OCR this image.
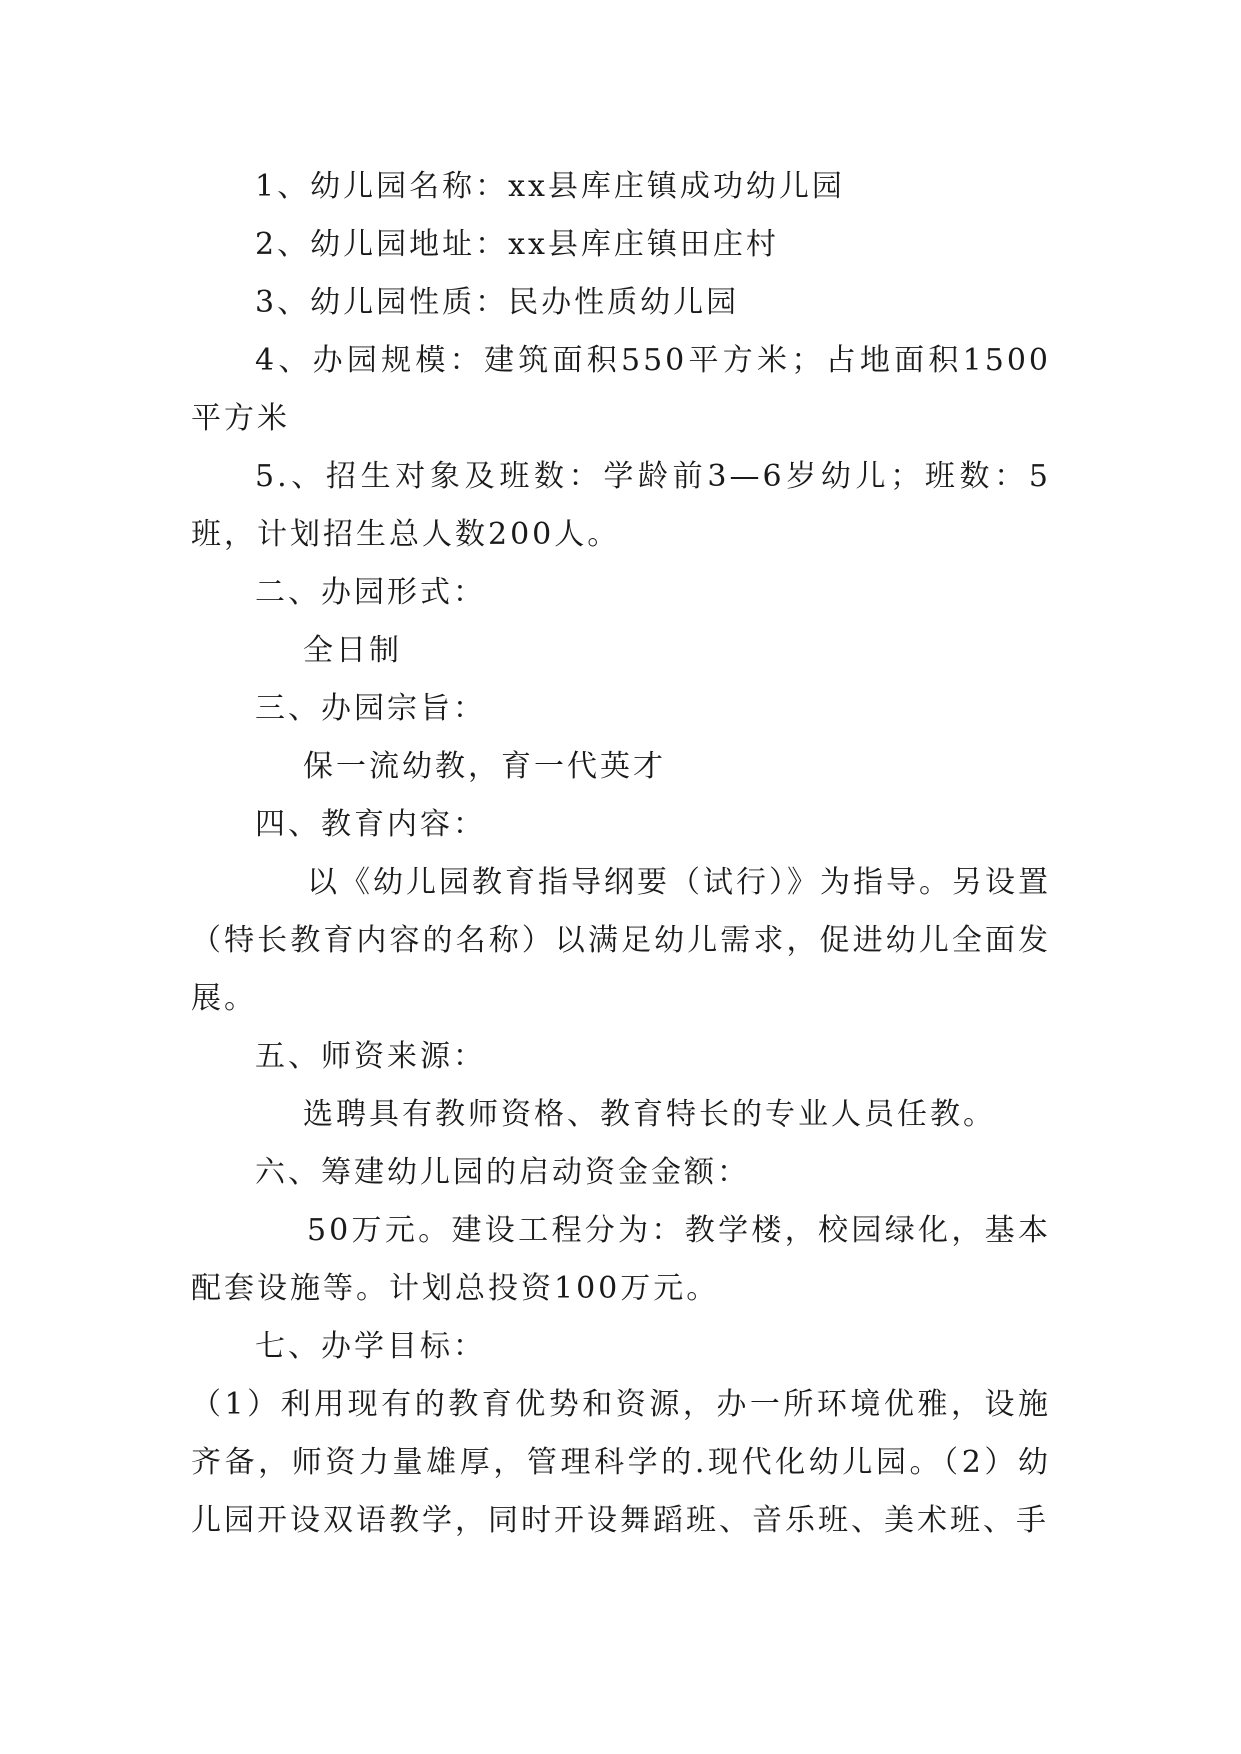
1、幼儿园名称：xx县库庄镇成功幼儿园

2、幼儿园地址：xx县库庄镇田庄村

3、幼儿园性质：民办性质幼儿园

4、办园规模：建筑面积550平方米；占地面积1500平方米

5.、招生对象及班数：学龄前3—6岁幼儿；班数：5班，计划招生总人数200人。

二、办园形式：

全日制

三、办园宗旨：

保一流幼教，育一代英才

四、教育内容：

以《幼儿园教育指导纲要（试行）》为指导。另设置（特长教育内容的名称）以满足幼儿需求，促进幼儿全面发展。

五、师资来源：

选聘具有教师资格、教育特长的专业人员任教。

六、筹建幼儿园的启动资金金额：

50万元。建设工程分为：教学楼，校园绿化，基本配套设施等。计划总投资100万元。

七、办学目标：

（1）利用现有的教育优势和资源，办一所环境优雅，设施齐备，师资力量雄厚，管理科学的.现代化幼儿园。（2）幼儿园开设双语教学，同时开设舞蹈班、音乐班、美术班、手
